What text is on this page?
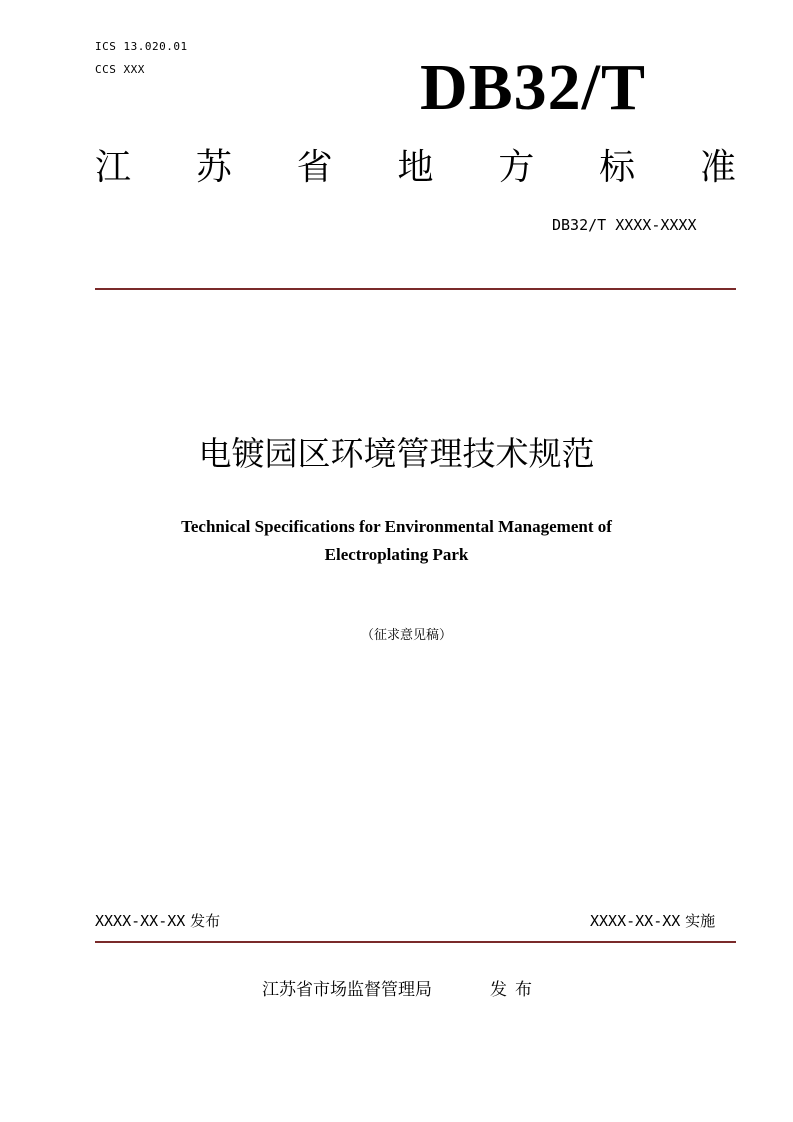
ICS 13.020.01
CCS XXX	DB32/T
江 苏 省 地 方 标 准
DB32/T XXXX-XXXX
电镀园区环境管理技术规范
Technical Specifications for Environmental Management of
Electroplating Park
（征求意见稿）
XXXX-XX-XX 发布	XXXX-XX-XX 实施
江苏省市场监督管理局	发布
